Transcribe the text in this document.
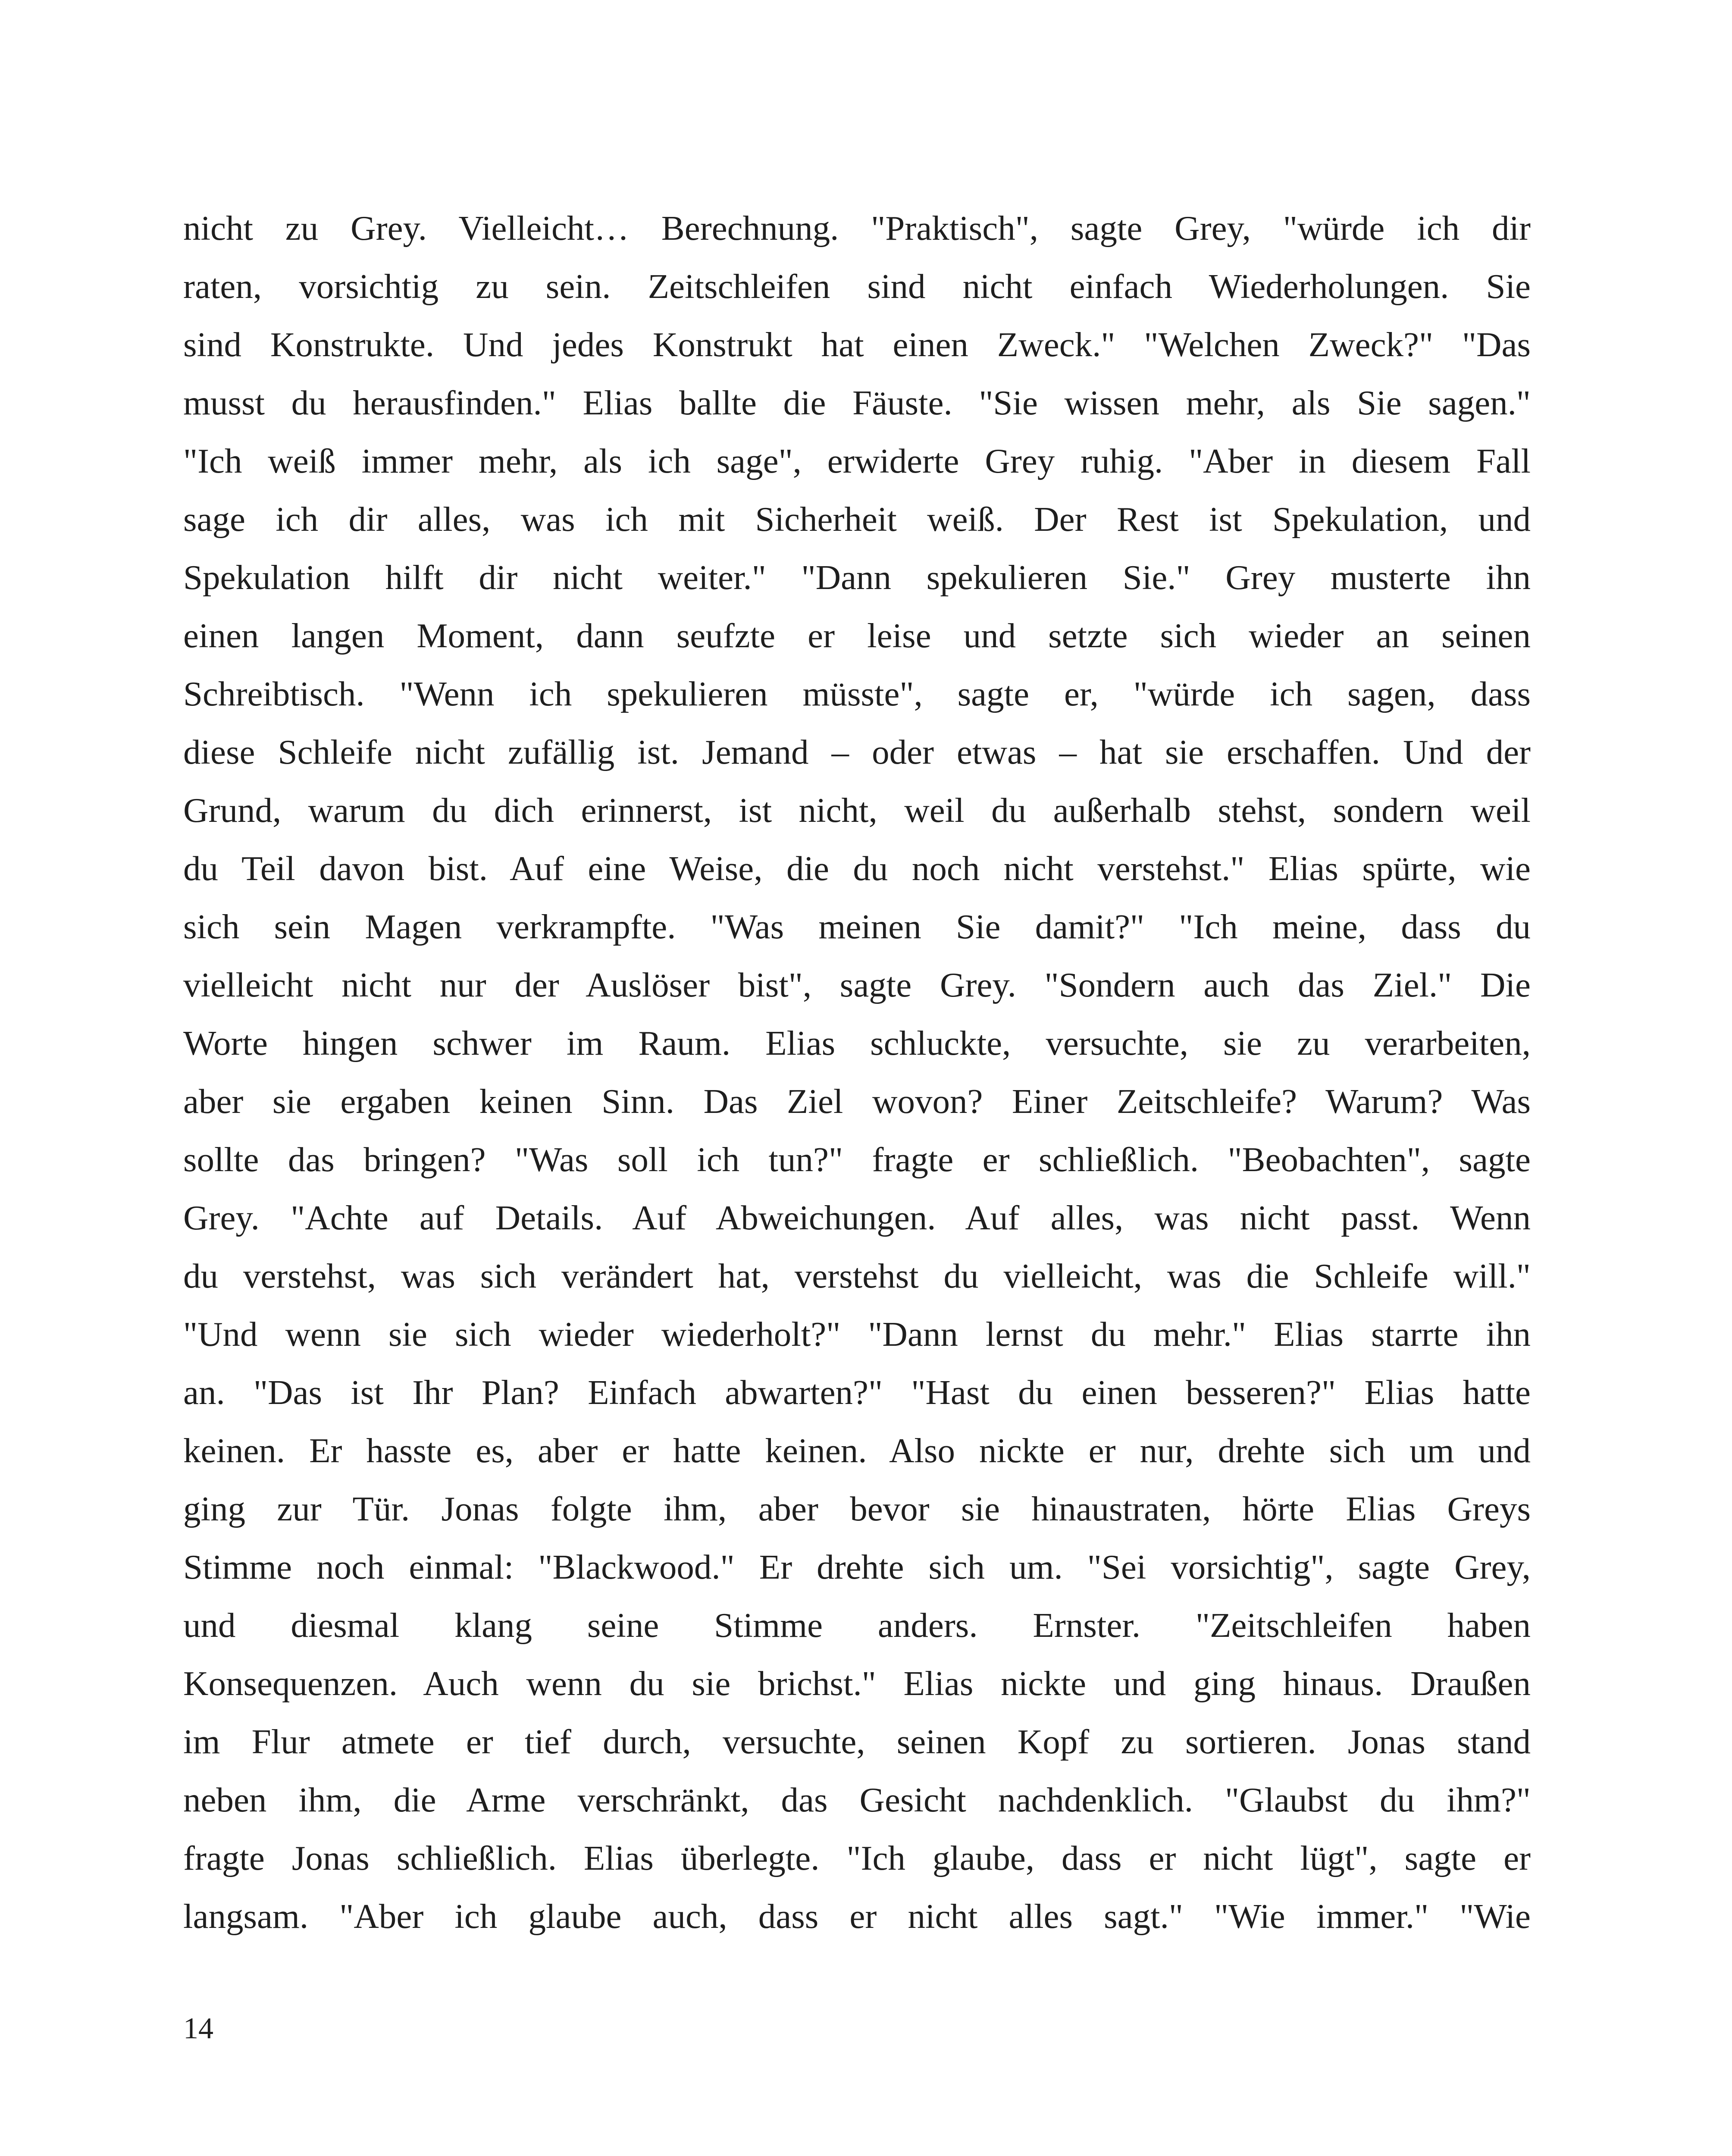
nicht zu Grey. Vielleicht… Berechnung. "Praktisch", sagte Grey, "würde ich dir
raten, vorsichtig zu sein. Zeitschleifen sind nicht einfach Wiederholungen. Sie
sind Konstrukte. Und jedes Konstrukt hat einen Zweck." "Welchen Zweck?" "Das
musst du herausfinden." Elias ballte die Fäuste. "Sie wissen mehr, als Sie sagen."
"Ich weiß immer mehr, als ich sage", erwiderte Grey ruhig. "Aber in diesem Fall
sage ich dir alles, was ich mit Sicherheit weiß. Der Rest ist Spekulation, und
Spekulation hilft dir nicht weiter." "Dann spekulieren Sie." Grey musterte ihn
einen langen Moment, dann seufzte er leise und setzte sich wieder an seinen
Schreibtisch. "Wenn ich spekulieren müsste", sagte er, "würde ich sagen, dass
diese Schleife nicht zufällig ist. Jemand – oder etwas – hat sie erschaffen. Und der
Grund, warum du dich erinnerst, ist nicht, weil du außerhalb stehst, sondern weil
du Teil davon bist. Auf eine Weise, die du noch nicht verstehst." Elias spürte, wie
sich sein Magen verkrampfte. "Was meinen Sie damit?" "Ich meine, dass du
vielleicht nicht nur der Auslöser bist", sagte Grey. "Sondern auch das Ziel." Die
Worte hingen schwer im Raum. Elias schluckte, versuchte, sie zu verarbeiten,
aber sie ergaben keinen Sinn. Das Ziel wovon? Einer Zeitschleife? Warum? Was
sollte das bringen? "Was soll ich tun?" fragte er schließlich. "Beobachten", sagte
Grey. "Achte auf Details. Auf Abweichungen. Auf alles, was nicht passt. Wenn
du verstehst, was sich verändert hat, verstehst du vielleicht, was die Schleife will."
"Und wenn sie sich wieder wiederholt?" "Dann lernst du mehr." Elias starrte ihn
an. "Das ist Ihr Plan? Einfach abwarten?" "Hast du einen besseren?" Elias hatte
keinen. Er hasste es, aber er hatte keinen. Also nickte er nur, drehte sich um und
ging zur Tür. Jonas folgte ihm, aber bevor sie hinaustraten, hörte Elias Greys
Stimme noch einmal: "Blackwood." Er drehte sich um. "Sei vorsichtig", sagte Grey,
und diesmal klang seine Stimme anders. Ernster. "Zeitschleifen haben
Konsequenzen. Auch wenn du sie brichst." Elias nickte und ging hinaus. Draußen
im Flur atmete er tief durch, versuchte, seinen Kopf zu sortieren. Jonas stand
neben ihm, die Arme verschränkt, das Gesicht nachdenklich. "Glaubst du ihm?"
fragte Jonas schließlich. Elias überlegte. "Ich glaube, dass er nicht lügt", sagte er
langsam. "Aber ich glaube auch, dass er nicht alles sagt." "Wie immer." "Wie
14
